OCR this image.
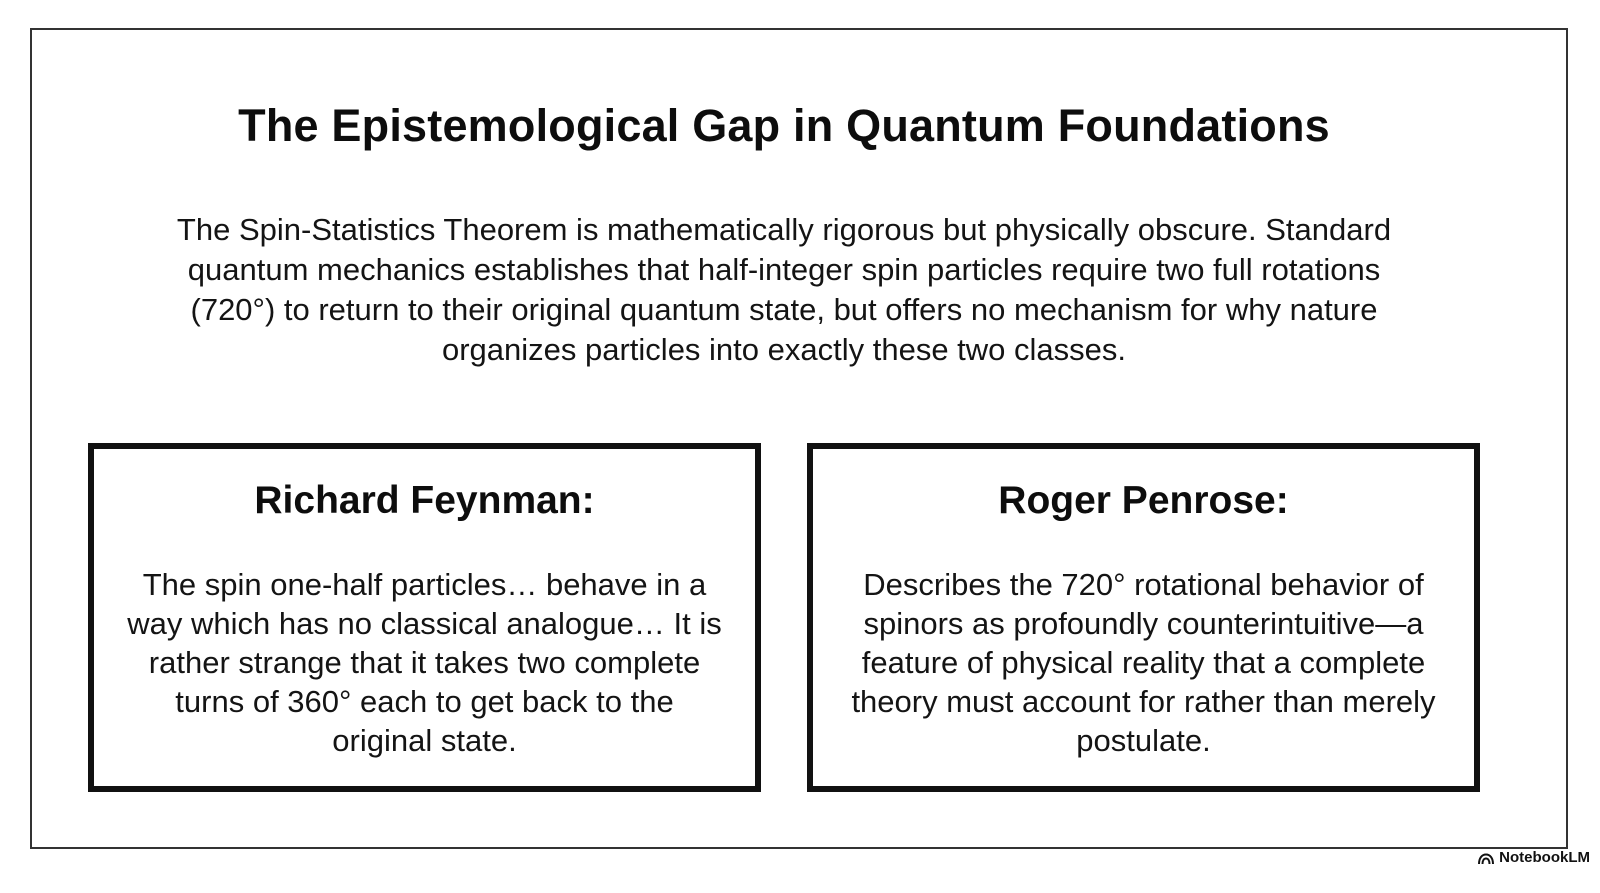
The Epistemological Gap in Quantum Foundations

The Spin-Statistics Theorem is mathematically rigorous but physically obscure. Standard quantum mechanics establishes that half-integer spin particles require two full rotations (720°) to return to their original quantum state, but offers no mechanism for why nature organizes particles into exactly these two classes.

Richard Feynman:

The spin one-half particles… behave in a way which has no classical analogue… It is rather strange that it takes two complete turns of 360° each to get back to the original state.

Roger Penrose:

Describes the 720° rotational behavior of spinors as profoundly counterintuitive—a feature of physical reality that a complete theory must account for rather than merely postulate.

NotebookLM
